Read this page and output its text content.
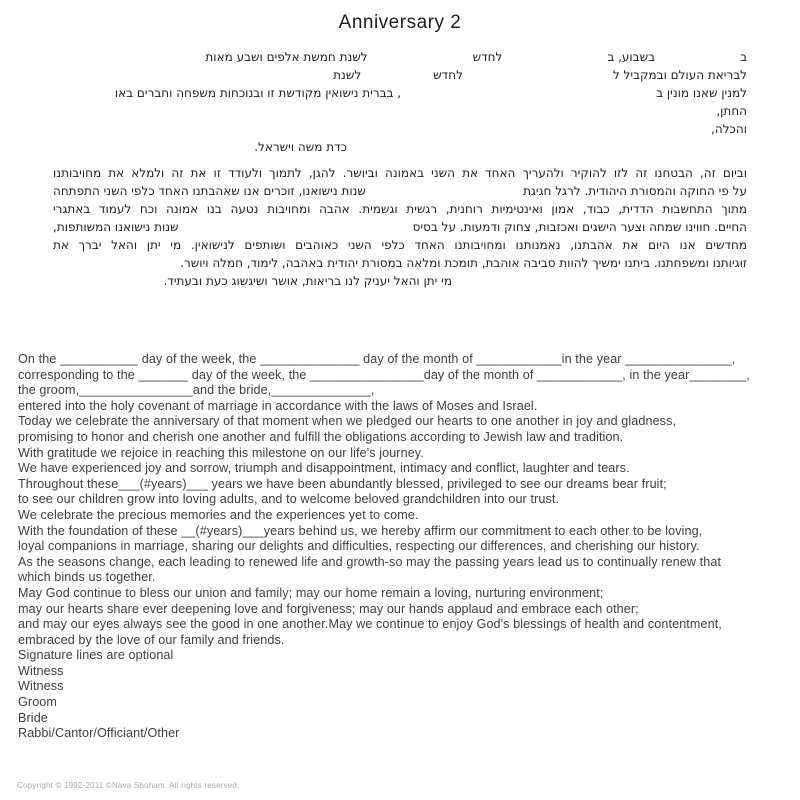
Anniversary 2
ב
בשבוע, ב
לחדש
לשנת חמשת אלפים ושבע מאות
לבריאת העולם ובמקביל ל
לחדש
לשנת
למנין שאנו מונין ב
, בברית נישואין מקודשת זו ובנוכחות משפחה וחברים באו
החתן,
והכלה,
כדת משה וישראל.
וביום זה, הבטחנו זה לזו להוקיר ולהעריך האחד את השני באמונה וביושר. להגן, לתמוך ולעודד זו את זה ולמלא את מחויבותנו
על פי החוקה והמסורת היהודית. לרגל חגיגת
שנות נישואנו, זוכרים אנו שאהבתנו האחד כלפי השני התפתחה
מתוך התחשבות הדדית, כבוד, אמון ואינטימיות רוחנית, רגשית וגשמית. אהבה ומחויבות נטעה בנו אמונה וכח לעמוד באתגרי
החיים. חווינו שמחה וצער הישגים ואכזבות, צחוק ודמעות. על בסיס
שנות נישואנו המשותפות,
מחדשים אנו היום את אהבתנו, נאמנותנו ומחויבותנו האחד כלפי השני כאוהבים ושותפים לנישואין. מי יתן והאל יברך את
זוגיותנו ומשפחתנו. ביתנו ימשיך להוות סביבה אוהבת, תומכת ומלאה במסורת יהודית באהבה, לימוד, חמלה ויושר.
מי יתן והאל יעניק לנו בריאות, אושר ושיגשוג כעת ובעתיד.
On the ___________ day of the week, the ______________ day of the month of ____________in the year _______________,
corresponding to the _______ day of the week, the ________________day of the month of ____________, in the year________,
the groom,________________and the bride,______________,
entered into the holy covenant of marriage in accordance with the laws of Moses and Israel.
Today we celebrate the anniversary of that moment when we pledged our hearts to one another in joy and gladness,
promising to honor and cherish one another and fulfill the obligations according to Jewish law and tradition.
With gratitude we rejoice in reaching this milestone on our life's journey.
We have experienced joy and sorrow, triumph and disappointment, intimacy and conflict, laughter and tears.
Throughout these___(#years)___ years we have been abundantly blessed, privileged to see our dreams bear fruit;
to see our children grow into loving adults, and to welcome beloved grandchildren into our trust.
We celebrate the precious memories and the experiences yet to come.
With the foundation of these __(#years)___years behind us, we hereby affirm our commitment to each other to be loving,
loyal companions in marriage, sharing our delights and difficulties, respecting our differences, and cherishing our history.
As the seasons change, each leading to renewed life and growth-so may the passing years lead us to continually renew that
which binds us together.
May God continue to bless our union and family; may our home remain a loving, nurturing environment;
may our hearts share ever deepening love and forgiveness; may our hands applaud and embrace each other;
and may our eyes always see the good in one another.May we continue to enjoy God's blessings of health and contentment,
embraced by the love of our family and friends.
Signature lines are optional
Witness
Witness
Groom
Bride
Rabbi/Cantor/Officiant/Other
Copyright © 1992-2011 ©Nava Shoham. All rights reserved.
